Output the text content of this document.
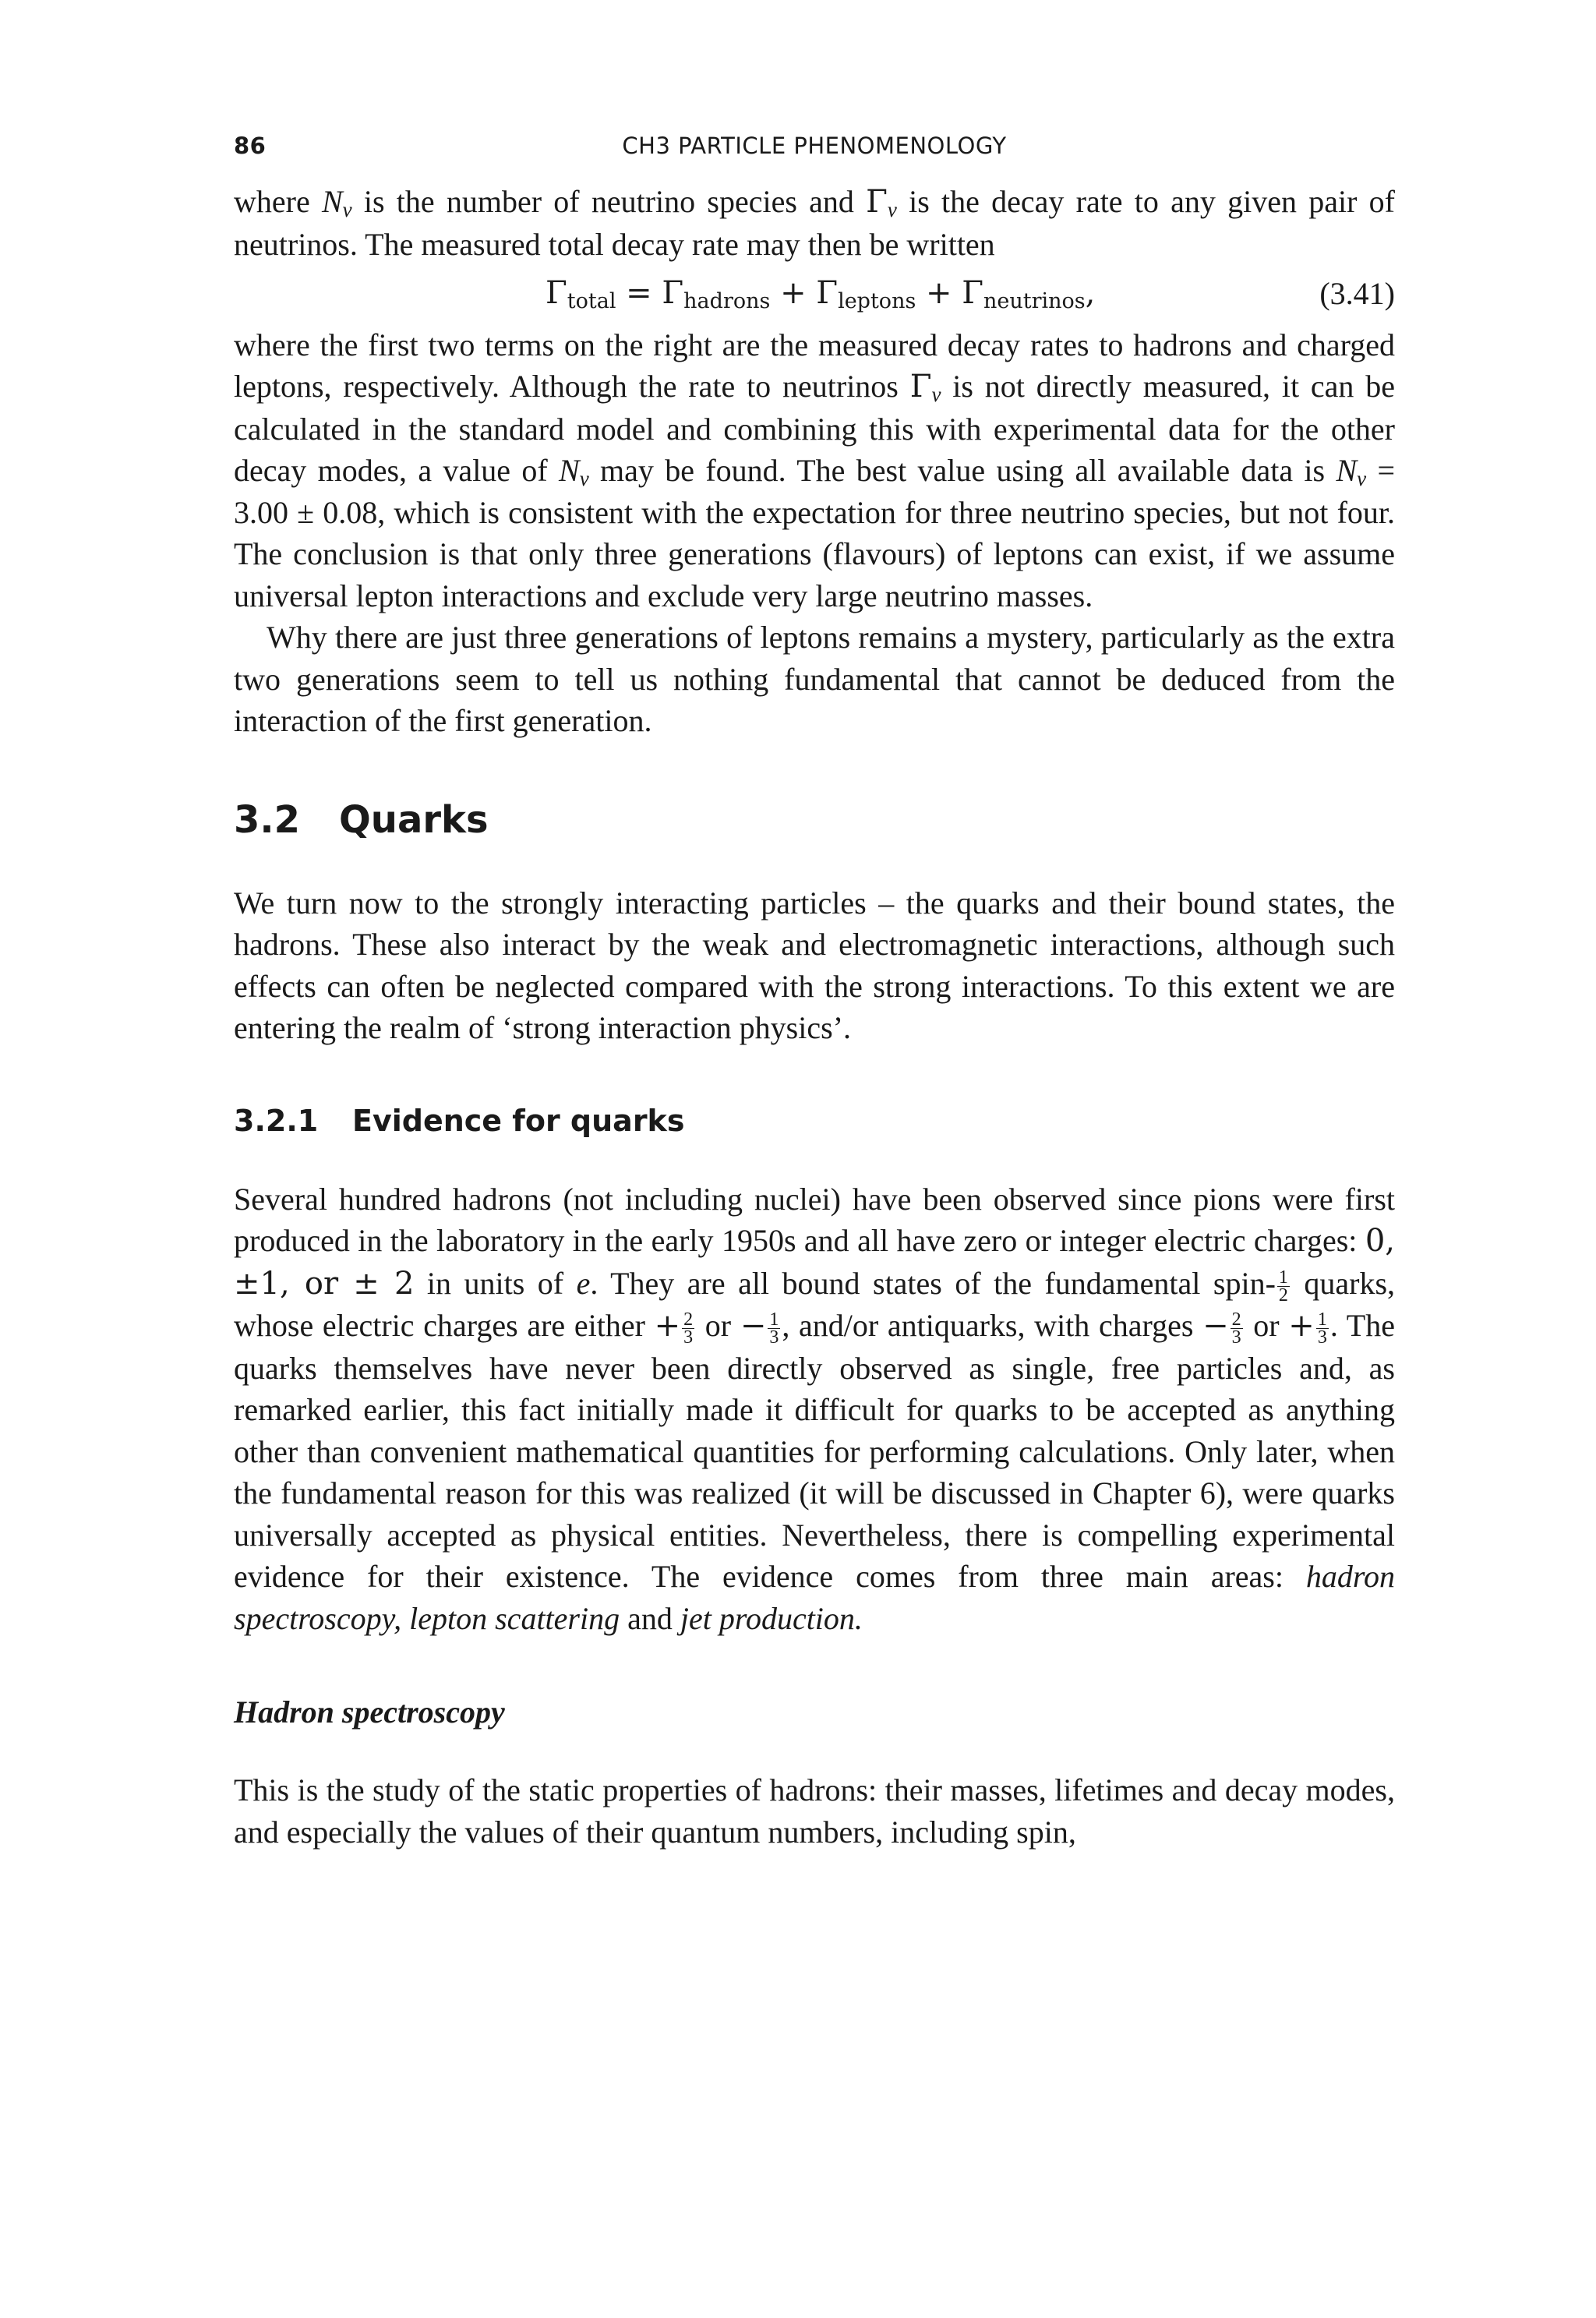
86	CH3 PARTICLE PHENOMENOLOGY

where $N_\nu$ is the number of neutrino species and $\Gamma_\nu$ is the decay rate to any given pair of neutrinos. The measured total decay rate may then be written

$\Gamma_{total} = \Gamma_{hadrons} + \Gamma_{leptons} + \Gamma_{neutrinos}$,	(3.41)

where the first two terms on the right are the measured decay rates to hadrons and charged leptons, respectively. Although the rate to neutrinos $\Gamma_\nu$ is not directly measured, it can be calculated in the standard model and combining this with experimental data for the other decay modes, a value of $N_\nu$ may be found. The best value using all available data is $N_\nu = 3.00 \pm 0.08$, which is consistent with the expectation for three neutrino species, but not four. The conclusion is that only three generations (flavours) of leptons can exist, if we assume universal lepton interactions and exclude very large neutrino masses.

Why there are just three generations of leptons remains a mystery, particularly as the extra two generations seem to tell us nothing fundamental that cannot be deduced from the interaction of the first generation.

3.2 Quarks

We turn now to the strongly interacting particles – the quarks and their bound states, the hadrons. These also interact by the weak and electromagnetic interactions, although such effects can often be neglected compared with the strong interactions. To this extent we are entering the realm of ‘strong interaction physics’.

3.2.1 Evidence for quarks

Several hundred hadrons (not including nuclei) have been observed since pions were first produced in the laboratory in the early 1950s and all have zero or integer electric charges: 0, ±1, or ± 2 in units of e. They are all bound states of the fundamental spin- $\frac{1}{2}$ quarks, whose electric charges are either + $\frac{2}{3}$ or − $\frac{1}{3}$ , and/or antiquarks, with charges − $\frac{2}{3}$ or + $\frac{1}{3}$ . The quarks themselves have never been directly observed as single, free particles and, as remarked earlier, this fact initially made it difficult for quarks to be accepted as anything other than convenient mathematical quantities for performing calculations. Only later, when the fundamental reason for this was realized (it will be discussed in Chapter 6), were quarks universally accepted as physical entities. Nevertheless, there is compelling experimental evidence for their existence. The evidence comes from three main areas: hadron spectroscopy, lepton scattering and jet production.

Hadron spectroscopy

This is the study of the static properties of hadrons: their masses, lifetimes and decay modes, and especially the values of their quantum numbers, including spin,
